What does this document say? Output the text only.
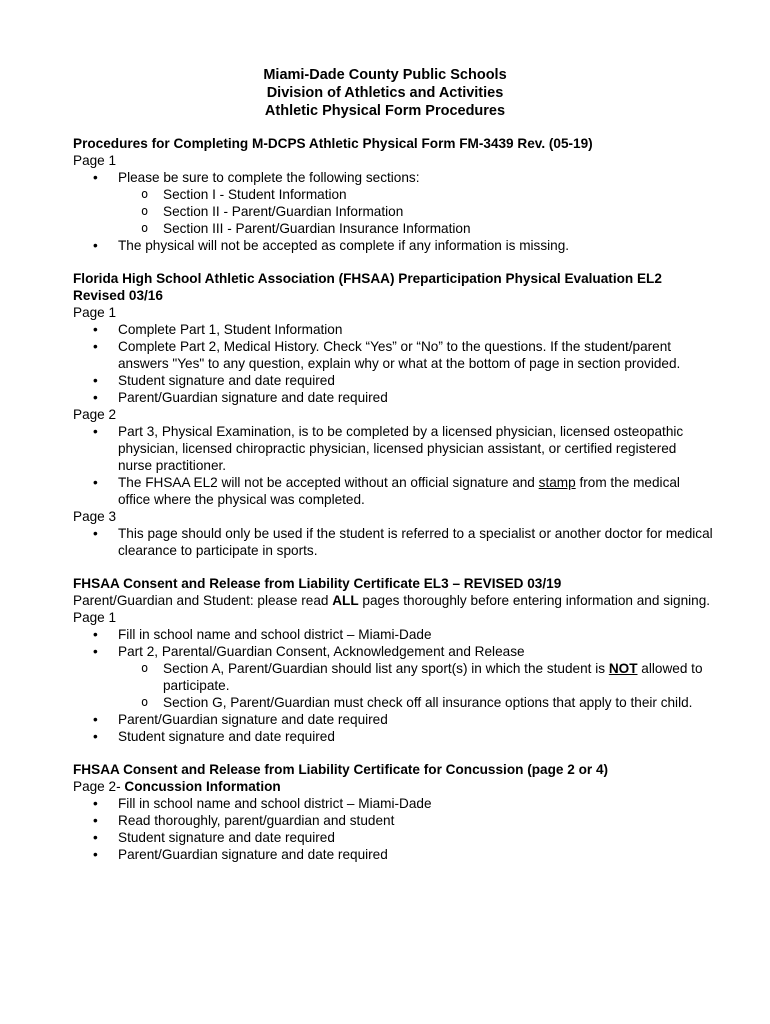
Miami-Dade County Public Schools
Division of Athletics and Activities
Athletic Physical Form Procedures
Procedures for Completing M-DCPS Athletic Physical Form FM-3439 Rev. (05-19)
Page 1
• Please be sure to complete the following sections:
o Section I - Student Information
o Section II - Parent/Guardian Information
o Section III - Parent/Guardian Insurance Information
• The physical will not be accepted as complete if any information is missing.
Florida High School Athletic Association (FHSAA) Preparticipation Physical Evaluation EL2 Revised 03/16
Page 1
• Complete Part 1, Student Information
• Complete Part 2, Medical History. Check “Yes” or “No” to the questions. If the student/parent answers "Yes" to any question, explain why or what at the bottom of page in section provided.
• Student signature and date required
• Parent/Guardian signature and date required
Page 2
• Part 3, Physical Examination, is to be completed by a licensed physician, licensed osteopathic physician, licensed chiropractic physician, licensed physician assistant, or certified registered nurse practitioner.
• The FHSAA EL2 will not be accepted without an official signature and stamp from the medical office where the physical was completed.
Page 3
• This page should only be used if the student is referred to a specialist or another doctor for medical clearance to participate in sports.
FHSAA Consent and Release from Liability Certificate EL3 – REVISED 03/19
Parent/Guardian and Student: please read ALL pages thoroughly before entering information and signing.
Page 1
• Fill in school name and school district – Miami-Dade
• Part 2, Parental/Guardian Consent, Acknowledgement and Release
o Section A, Parent/Guardian should list any sport(s) in which the student is NOT allowed to participate.
o Section G, Parent/Guardian must check off all insurance options that apply to their child.
• Parent/Guardian signature and date required
• Student signature and date required
FHSAA Consent and Release from Liability Certificate for Concussion (page 2 or 4)
Page 2- Concussion Information
• Fill in school name and school district – Miami-Dade
• Read thoroughly, parent/guardian and student
• Student signature and date required
• Parent/Guardian signature and date required
